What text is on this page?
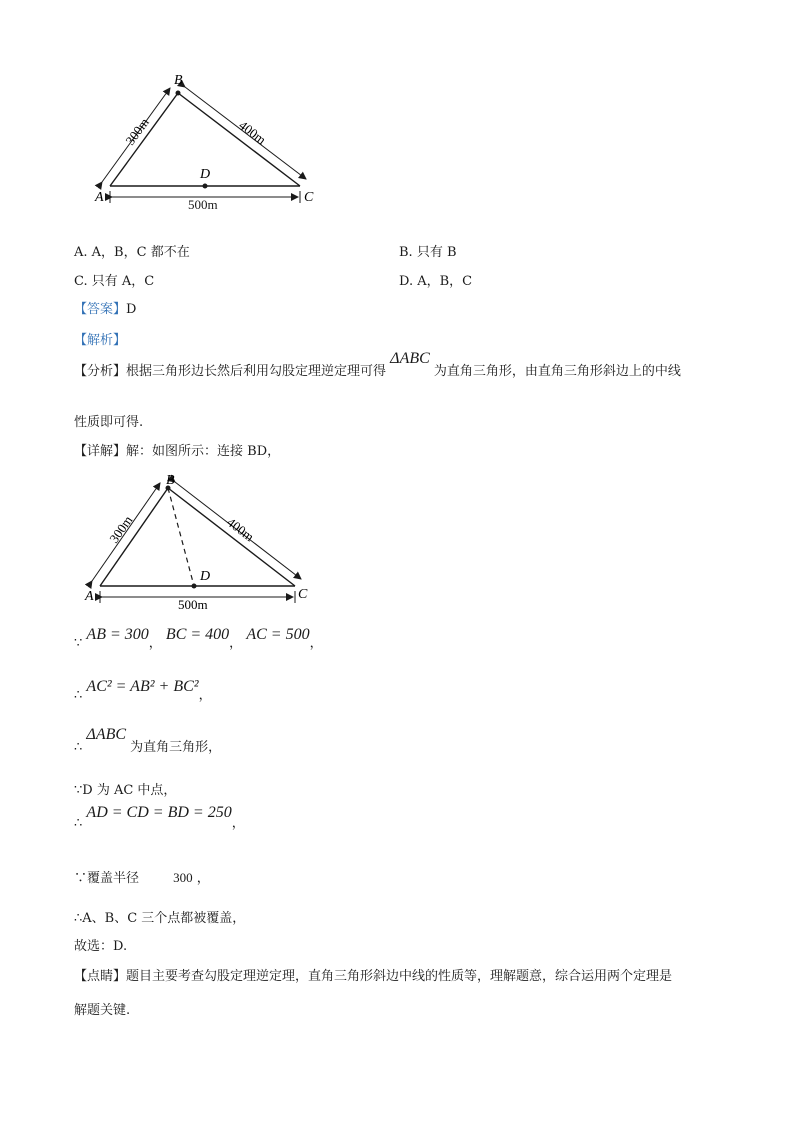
A
B
C
D
300m	400m
500m
A. A，B，C 都不在	B. 只有 B
C. 只有 A，C	D. A，B，C
【答案】D
【解析】
【分析】根据三角形边长然后利用勾股定理逆定理可得 ΔABC 为直角三角形，由直角三角形斜边上的中线
性质即可得.
【详解】解：如图所示：连接 BD，
A
B
C
D
300m	400m
500m
∵ AB = 300， BC = 400， AC = 500，
∴ AC² = AB² + BC²，
∴ ΔABC 为直角三角形，
∵D 为 AC 中点，
∴ AD = CD = BD = 250，
∵覆盖半径	300 ，
∴A、B、C 三个点都被覆盖，
故选：D.
【点睛】题目主要考查勾股定理逆定理，直角三角形斜边中线的性质等，理解题意，综合运用两个定理是
解题关键.
